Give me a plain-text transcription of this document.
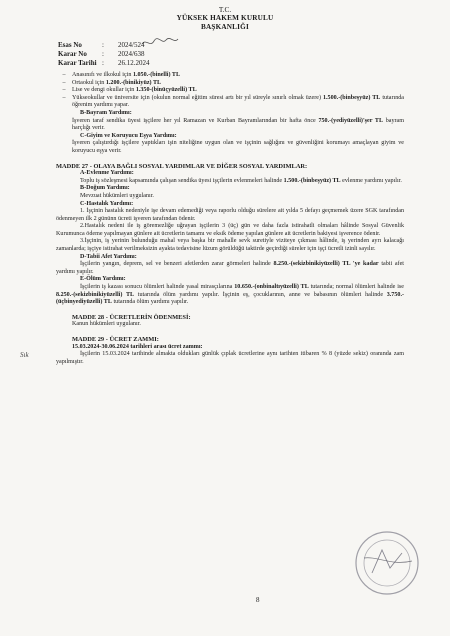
T.C.
YÜKSEK HAKEM KURULU
BAŞKANLIĞI
Esas No	:	2024/524
Karar No	:	2024/638
Karar Tarihi :	26.12.2024
–	Anasınıfı ve ilkokul için 1.050.-(binelli) TL

–	Ortaokul için 1.200.-(binikiyüz) TL

–	Lise ve dengi okullar için 1.350-(binüçyüzelli) TL

–	Yükseokullar ve üniversite için (okulun normal eğitim süresi artı bir yıl süreyle sınırlı olmak üzere) 1.500.-(binbeşyüz) TL tutarında öğrenim yardımı yapar.

B-Bayram Yardımı:

İşveren taraf sendika üyesi işçilere her yıl Ramazan ve Kurban Bayramlarından bir hafta önce 750.-(yediyüzelli)'şer TL bayram harçlığı verir.

C-Giyim ve Koruyucu Eşya Yardımı:

İşveren çalıştırdığı işçilere yaptıkları işin niteliğine uygun olan ve işçinin sağlığını ve güvenliğini korumayı amaçlayan giyim ve koruyucu eşya verir.

MADDE 27 - OLAYA BAĞLI SOSYAL YARDIMLAR VE DİĞER SOSYAL YARDIMLAR:

A-Evlenme Yardımı:

Toplu iş sözleşmesi kapsamında çalışan sendika üyesi işçilerin evlenmeleri halinde 1.500.-(binbeşyüz) TL evlenme yardımı yapılır.

B-Doğum Yardımı:

Mevzuat hükümleri uygulanır.

C-Hastalık Yardımı:

1. İşçinin hastalık nedeniyle işe devam edemediği veya raporlu olduğu sürelere ait yılda 5 defayı geçmemek üzere SGK tarafından ödenmeyen ilk 2 gününn ücreti işveren tarafından ödenir.

2.Hastalık nedeni ile iş göremezliğe uğrayan işçilerin 3 (üç) gün ve daha fazla istirahatli olmaları hâlinde Sosyal Güvenlik Kurumunca ödeme yapılmayan günlere ait ücretlerin tamamı ve eksik ödeme yapılan günlere ait ücretlerin bakiyesi işverence ödenir.

3.İşçinin, iş yerinin bulunduğu mahal veya başka bir mahalle sevk suretiyle viziteye çıkması hâlinde, iş yerinden ayrı kalacağı zamanlarda; işçiye istirahat verilmeksizin ayakta tedavisine lüzum görüldüğü taktirde geçirdiği süreler için işçi ücretli izinli sayılır.

D-Tabii Afet Yardımı:

İşçilerin yangın, deprem, sel ve benzeri afetlerden zarar görmeleri halinde 8.250.-(sekizbinikiyüzelli) TL 'ye kadar tabii afet yardımı yapılır.

E-Ölüm Yardımı:

İşçilerin iş kazası sonucu ölümleri halinde yasal mirasçılarına 10.650.-(onbinaltıyüzelli) TL tutarında; normal ölümleri halinde ise 8.250.-(sekizbinikiyüzelli) TL tutarında ölüm yardımı yapılır. İşçinin eş, çocuklarının, anne ve babasının ölümleri halinde 3.750.-(üçbinyediyüzelli) TL tutarında ölüm yardımı yapılır.

MADDE 28 - ÜCRETLERİN ÖDENMESİ:

Kanun hükümleri uygulanır.

MADDE 29 - ÜCRET ZAMMI:

15.03.2024-30.06.2024 tarihleri arası ücret zammı:

İşçilerin 15.03.2024 tarihinde almakta oldukları günlük çıplak ücretlerine aynı tarihten itibaren % 8 (yüzde sekiz) oranında zam yapılmıştır.

Sık
8
